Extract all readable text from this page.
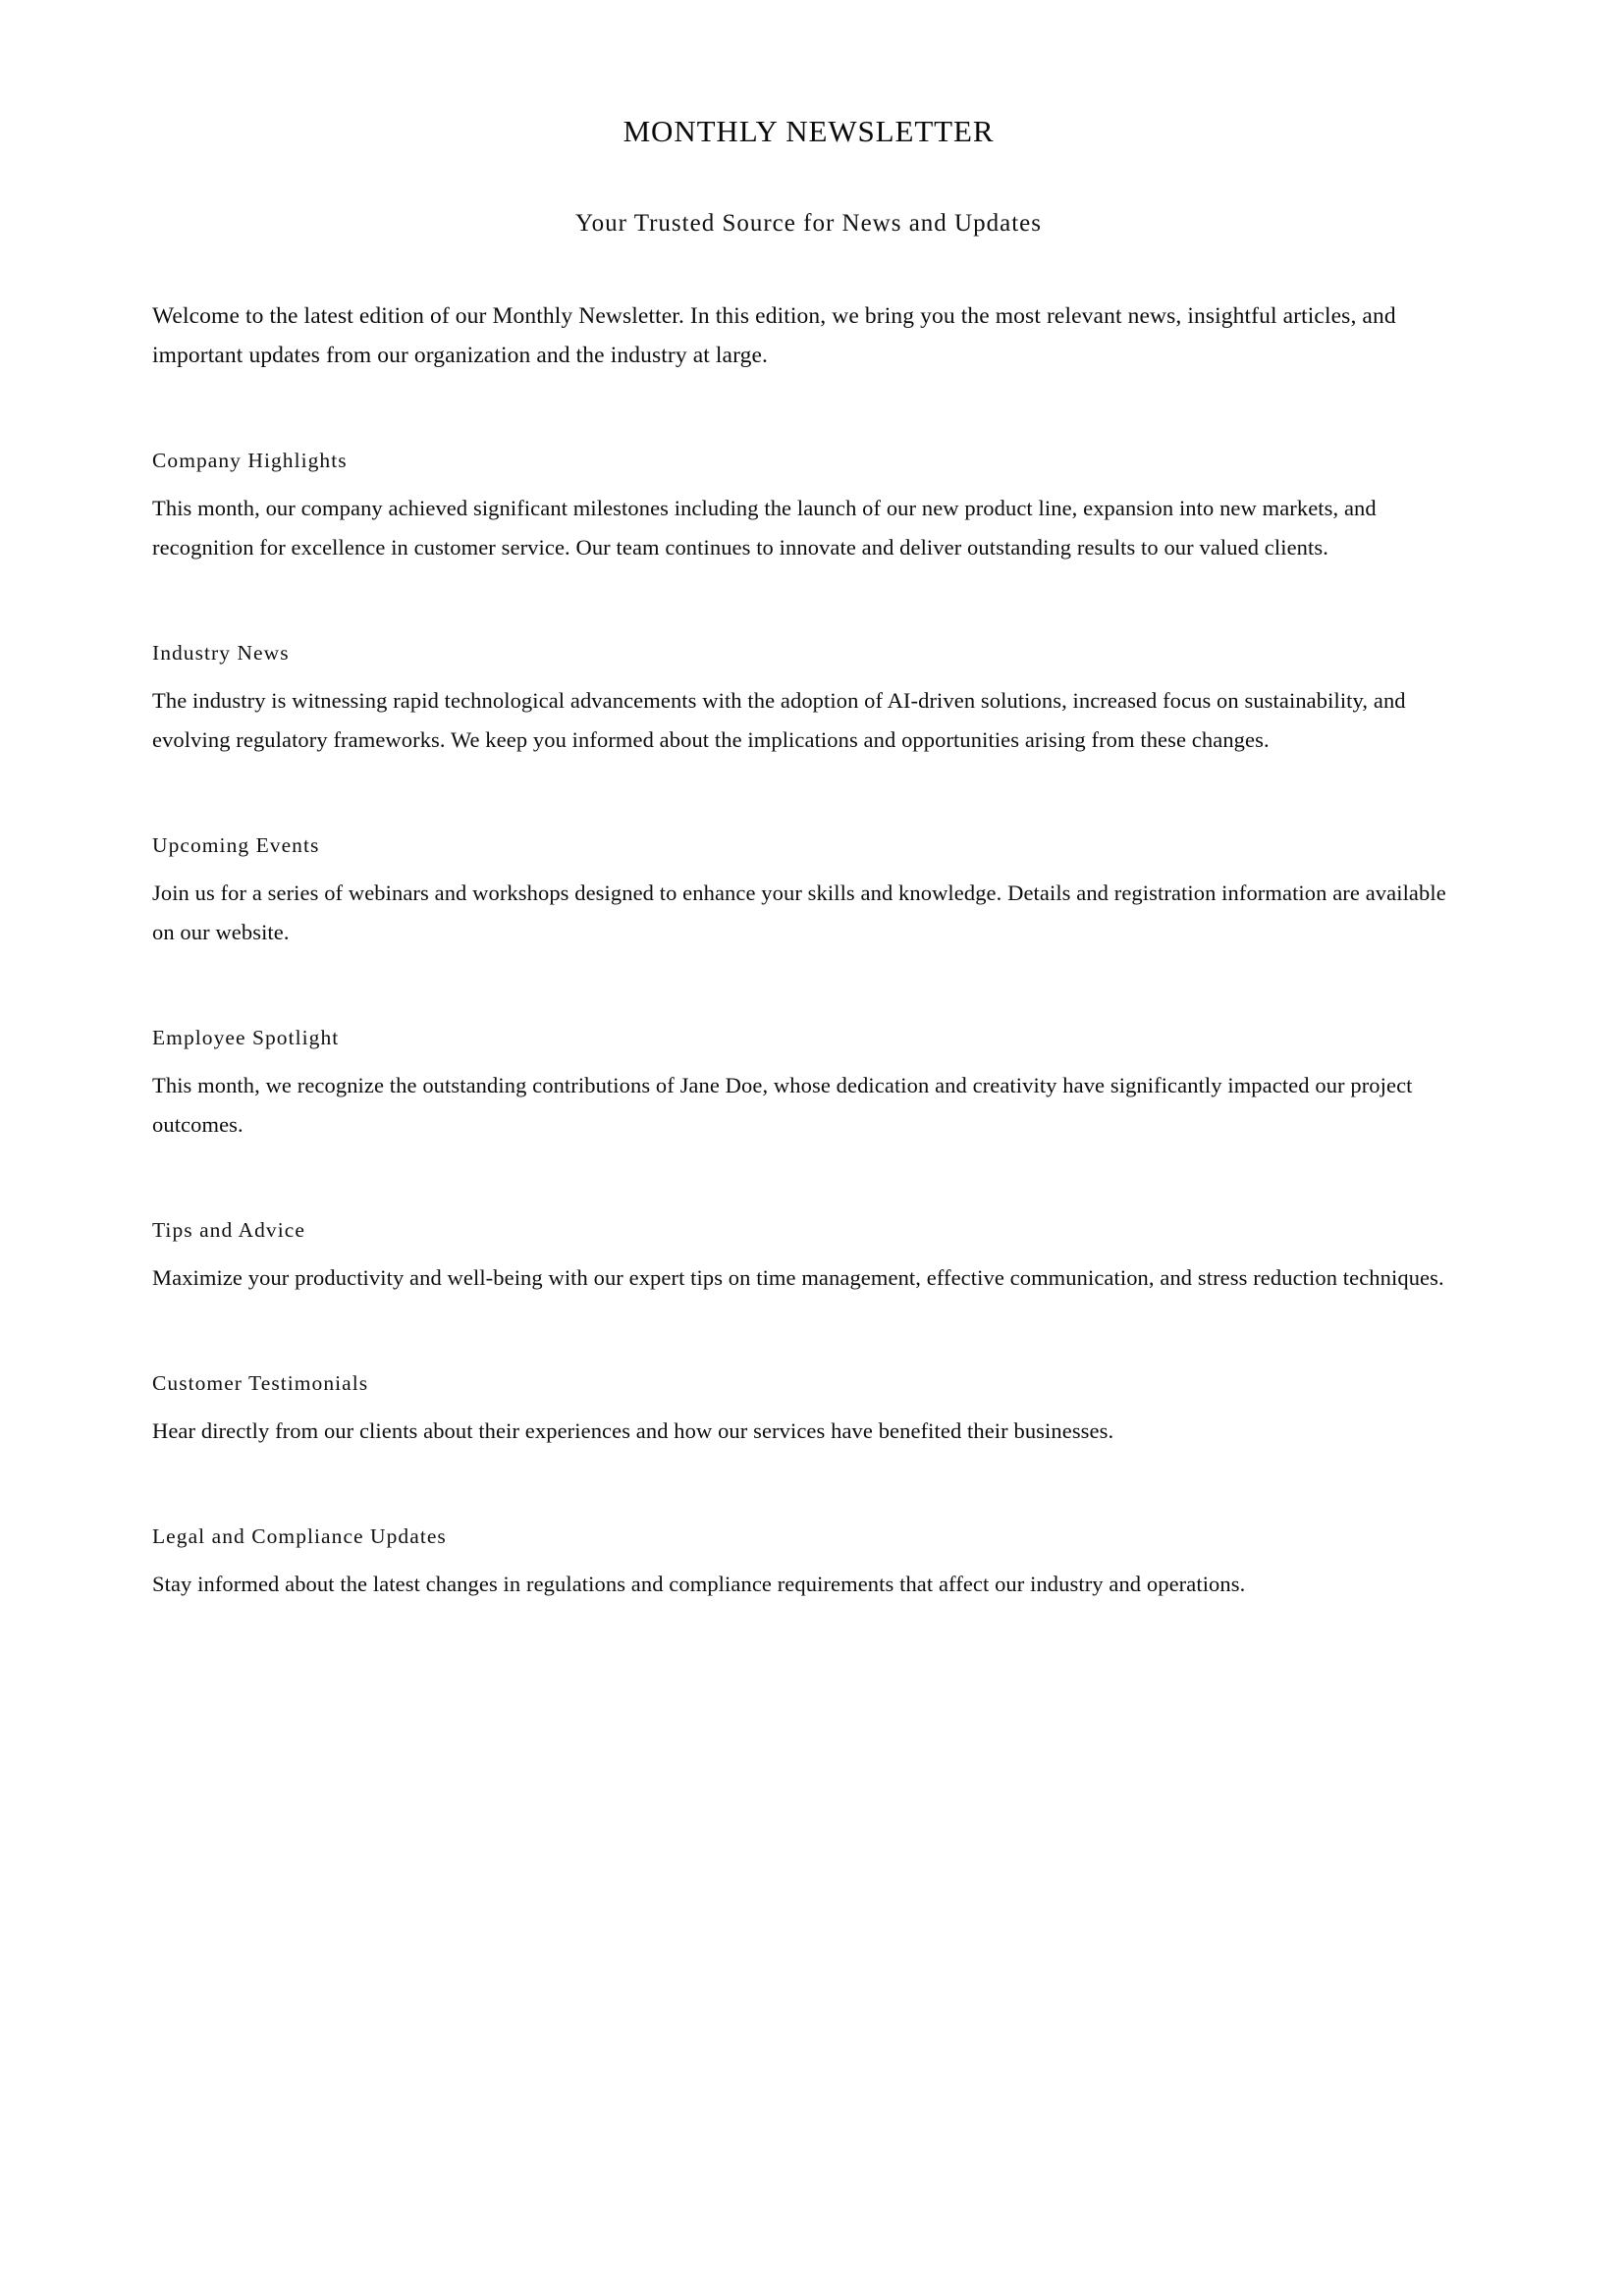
MONTHLY NEWSLETTER
Your Trusted Source for News and Updates

Welcome to the latest edition of our Monthly Newsletter. In this edition, we bring you the most relevant news, insightful articles, and important updates from our organization and the industry at large.

Company Highlights

This month, our company achieved significant milestones including the launch of our new product line, expansion into new markets, and recognition for excellence in customer service. Our team continues to innovate and deliver outstanding results to our valued clients.

Industry News

The industry is witnessing rapid technological advancements with the adoption of AI-driven solutions, increased focus on sustainability, and evolving regulatory frameworks. We keep you informed about the implications and opportunities arising from these changes.

Upcoming Events

Join us for a series of webinars and workshops designed to enhance your skills and knowledge. Details and registration information are available on our website.

Employee Spotlight

This month, we recognize the outstanding contributions of Jane Doe, whose dedication and creativity have significantly impacted our project outcomes.

Tips and Advice

Maximize your productivity and well-being with our expert tips on time management, effective communication, and stress reduction techniques.

Customer Testimonials

Hear directly from our clients about their experiences and how our services have benefited their businesses.

Legal and Compliance Updates

Stay informed about the latest changes in regulations and compliance requirements that affect our industry and operations.
